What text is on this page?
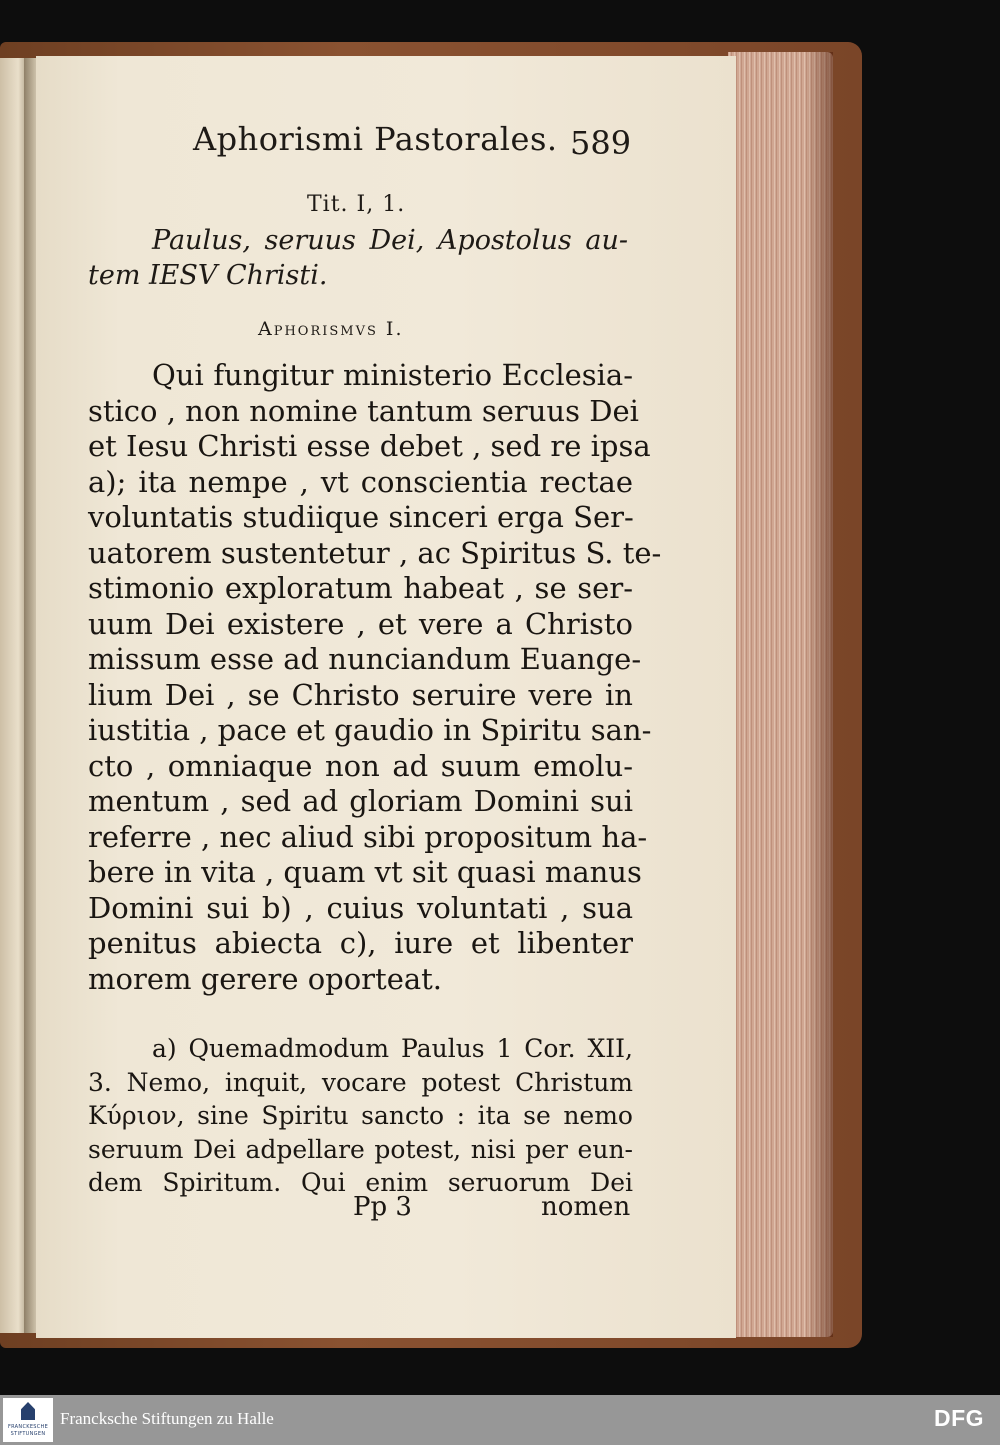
Aphorismi Pastorales. 589
Tit. I, 1.
Paulus, seruus Dei, Apostolus au-
tem IESV Christi.
Aphorismvs I.
Qui fungitur ministerio Ecclesia-
stico , non nomine tantum seruus Dei
et Iesu Christi esse debet , sed re ipsa
a); ita nempe , vt conscientia rectae
voluntatis studiique sinceri erga Ser-
uatorem sustentetur , ac Spiritus S. te-
stimonio exploratum habeat , se ser-
uum Dei existere , et vere a Christo
missum esse ad nunciandum Euange-
lium Dei , se Christo seruire vere in
iustitia , pace et gaudio in Spiritu san-
cto , omniaque non ad suum emolu-
mentum , sed ad gloriam Domini sui
referre , nec aliud sibi propositum ha-
bere in vita , quam vt sit quasi manus
Domini sui b) , cuius voluntati , sua
penitus abiecta c), iure et libenter
morem gerere oporteat.
a) Quemadmodum Paulus 1 Cor. XII,
3. Nemo, inquit, vocare potest Christum
Κύριον, sine Spiritu sancto : ita se nemo
seruum Dei adpellare potest, nisi per eun-
dem Spiritum. Qui enim seruorum Dei
Pp 3	nomen
FRANCKESCHE
STIFTUNGEN
Francksche Stiftungen zu Halle	DFG
